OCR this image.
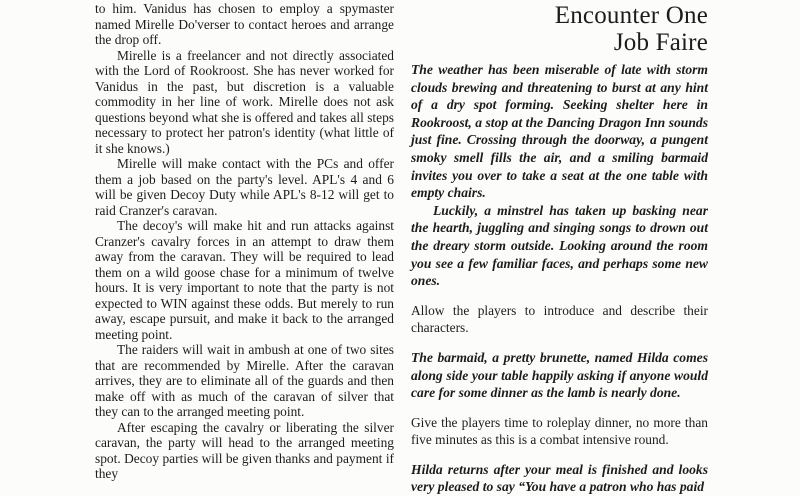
to him. Vanidus has chosen to employ a spymaster named Mirelle Do'verser to contact heroes and arrange the drop off.

Mirelle is a freelancer and not directly associated with the Lord of Rookroost. She has never worked for Vanidus in the past, but discretion is a valuable commodity in her line of work. Mirelle does not ask questions beyond what she is offered and takes all steps necessary to protect her patron's identity (what little of it she knows.)

Mirelle will make contact with the PCs and offer them a job based on the party's level. APL's 4 and 6 will be given Decoy Duty while APL's 8-12 will get to raid Cranzer's caravan.

The decoy's will make hit and run attacks against Cranzer's cavalry forces in an attempt to draw them away from the caravan. They will be required to lead them on a wild goose chase for a minimum of twelve hours. It is very important to note that the party is not expected to WIN against these odds. But merely to run away, escape pursuit, and make it back to the arranged meeting point.

The raiders will wait in ambush at one of two sites that are recommended by Mirelle. After the caravan arrives, they are to eliminate all of the guards and then make off with as much of the caravan of silver that they can to the arranged meeting point.

After escaping the cavalry or liberating the silver caravan, the party will head to the arranged meeting spot. Decoy parties will be given thanks and payment if they

Encounter One
Job Faire

The weather has been miserable of late with storm clouds brewing and threatening to burst at any hint of a dry spot forming. Seeking shelter here in Rookroost, a stop at the Dancing Dragon Inn sounds just fine. Crossing through the doorway, a pungent smoky smell fills the air, and a smiling barmaid invites you over to take a seat at the one table with empty chairs.

Luckily, a minstrel has taken up basking near the hearth, juggling and singing songs to drown out the dreary storm outside. Looking around the room you see a few familiar faces, and perhaps some new ones.

Allow the players to introduce and describe their characters.

The barmaid, a pretty brunette, named Hilda comes along side your table happily asking if anyone would care for some dinner as the lamb is nearly done.

Give the players time to roleplay dinner, no more than five minutes as this is a combat intensive round.

Hilda returns after your meal is finished and looks very pleased to say “You have a patron who has paid
